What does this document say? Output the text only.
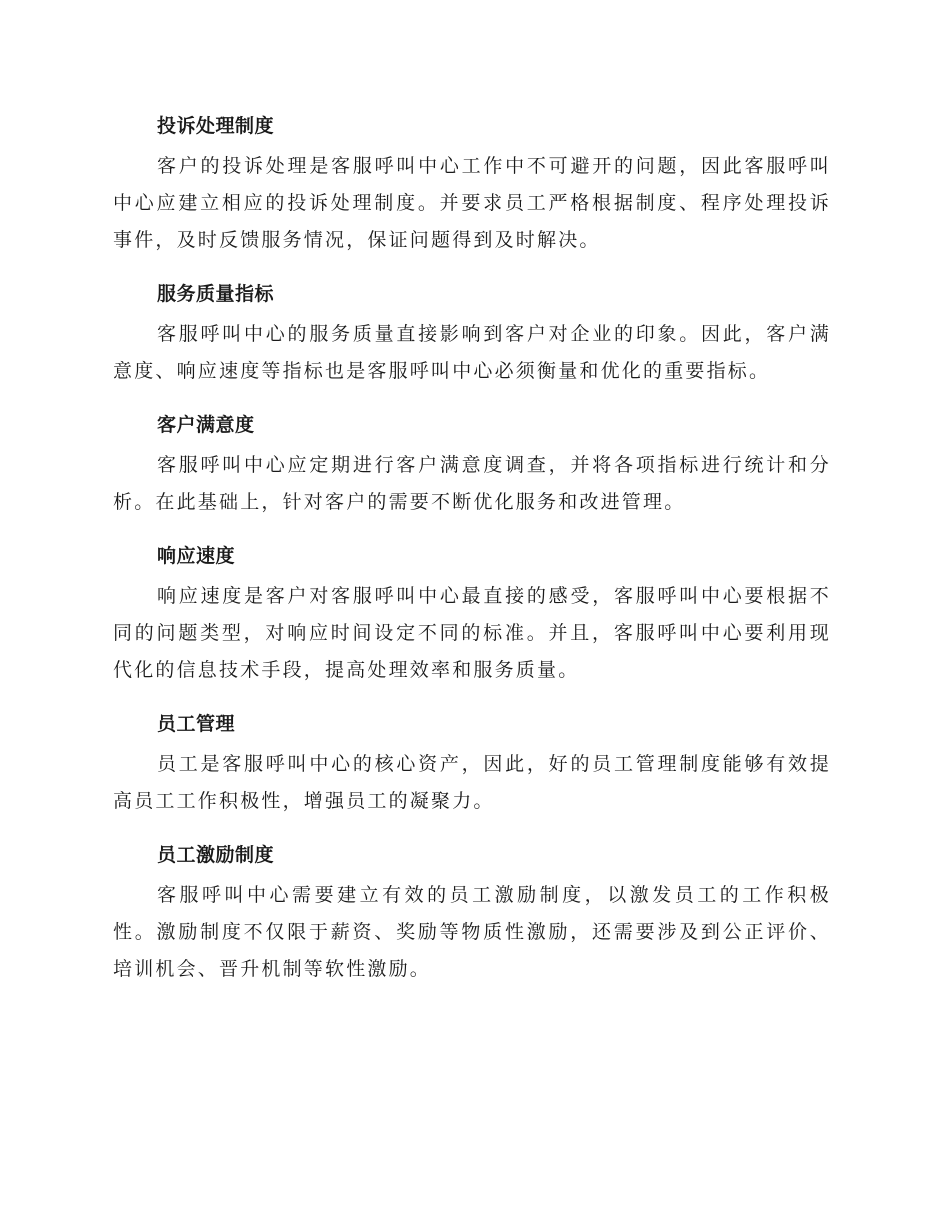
投诉处理制度

客户的投诉处理是客服呼叫中心工作中不可避开的问题，因此客服呼叫中心应建立相应的投诉处理制度。并要求员工严格根据制度、程序处理投诉事件，及时反馈服务情况，保证问题得到及时解决。

服务质量指标

客服呼叫中心的服务质量直接影响到客户对企业的印象。因此，客户满意度、响应速度等指标也是客服呼叫中心必须衡量和优化的重要指标。

客户满意度

客服呼叫中心应定期进行客户满意度调查，并将各项指标进行统计和分析。在此基础上，针对客户的需要不断优化服务和改进管理。

响应速度

响应速度是客户对客服呼叫中心最直接的感受，客服呼叫中心要根据不同的问题类型，对响应时间设定不同的标准。并且，客服呼叫中心要利用现代化的信息技术手段，提高处理效率和服务质量。

员工管理

员工是客服呼叫中心的核心资产，因此，好的员工管理制度能够有效提高员工工作积极性，增强员工的凝聚力。

员工激励制度

客服呼叫中心需要建立有效的员工激励制度，以激发员工的工作积极性。激励制度不仅限于薪资、奖励等物质性激励，还需要涉及到公正评价、培训机会、晋升机制等软性激励。
